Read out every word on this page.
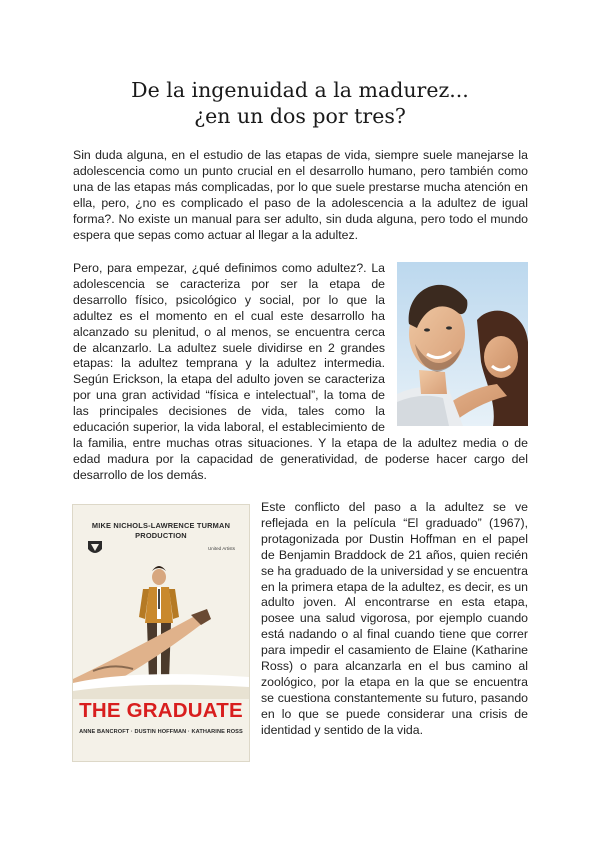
De la ingenuidad a la madurez...
¿en un dos por tres?

Sin duda alguna, en el estudio de las etapas de vida, siempre suele manejarse la adolescencia como un punto crucial en el desarrollo humano, pero también como una de las etapas más complicadas, por lo que suele prestarse mucha atención en ella, pero, ¿no es complicado el paso de la adolescencia a la adultez de igual forma?. No existe un manual para ser adulto, sin duda alguna, pero todo el mundo espera que sepas como actuar al llegar a la adultez.

Pero, para empezar, ¿qué definimos como adultez?. La adolescencia se caracteriza por ser la etapa de desarrollo físico, psicológico y social, por lo que la adultez es el momento en el cual este desarrollo ha alcanzado su plenitud, o al menos, se encuentra cerca de alcanzarlo. La adultez suele dividirse en 2 grandes etapas: la adultez temprana y la adultez intermedia. Según Erickson, la etapa del adulto joven se caracteriza por una gran actividad “física e intelectual”, la toma de las principales decisiones de vida, tales como la educación superior, la vida laboral, el establecimiento de la familia, entre muchas otras situaciones. Y la etapa de la adultez media o de edad madura por la capacidad de generatividad, de poderse hacer cargo del desarrollo de los demás.
MIKE NICHOLS-LAWRENCE TURMAN
PRODUCTION
United Artists
THE GRADUATE
ANNE BANCROFT · DUSTIN HOFFMAN · KATHARINE ROSS

Este conflicto del paso a la adultez se ve reflejada en la película “El graduado” (1967), protagonizada por Dustin Hoffman en el papel de Benjamin Braddock de 21 años, quien recién se ha graduado de la universidad y se encuentra en la primera etapa de la adultez, es decir, es un adulto joven. Al encontrarse en esta etapa, posee una salud vigorosa, por ejemplo cuando está nadando o al final cuando tiene que correr para impedir el casamiento de Elaine (Katharine Ross) o para alcanzarla en el bus camino al zoológico, por la etapa en la que se encuentra se cuestiona constantemente su futuro, pasando en lo que se puede considerar una crisis de identidad y sentido de la vida.
